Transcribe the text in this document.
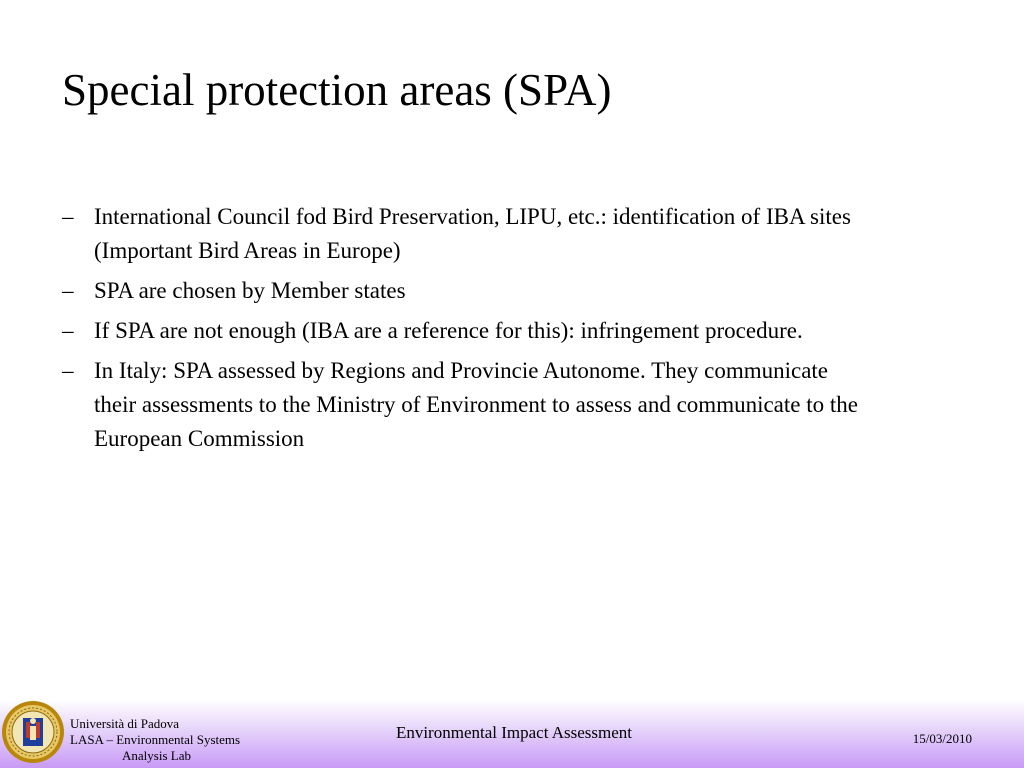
Special protection areas (SPA)
– International Council fod Bird Preservation, LIPU, etc.: identification of IBA sites (Important Bird Areas in Europe)
– SPA are chosen by Member states
– If SPA are not enough (IBA are a reference for this): infringement procedure.
– In Italy: SPA assessed by Regions and Provincie Autonome. They communicate their assessments to the Ministry of Environment to assess and communicate to the European Commission
Università di Padova
LASA – Environmental Systems
Analysis Lab
Environmental Impact Assessment	15/03/2010
